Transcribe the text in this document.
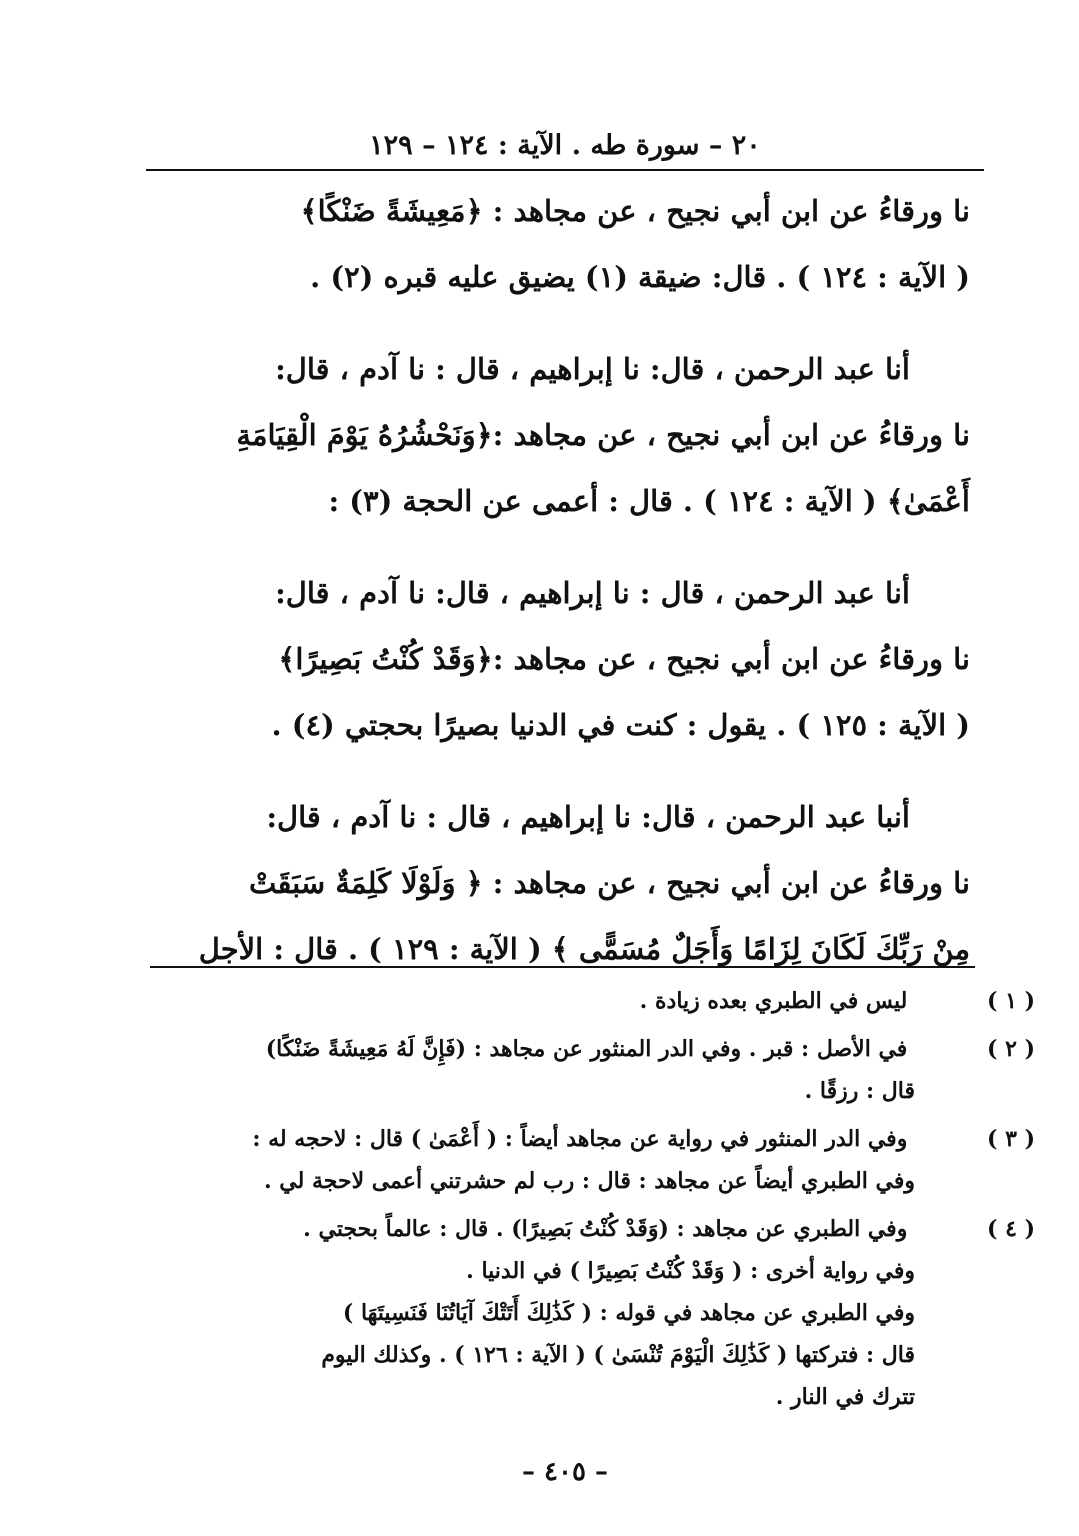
٢٠ – سورة طه . الآية : ١٢٤ – ١٢٩

نا ورقاءُ عن ابن أبي نجيح ، عن مجاهد : ﴿مَعِيشَةً ضَنْكًا﴾

( الآية : ١٢٤ ) . قال: ضيقة (١) يضيق عليه قبره (٢) .

أنا عبد الرحمن ، قال: نا إبراهيم ، قال : نا آدم ، قال:

نا ورقاءُ عن ابن أبي نجيح ، عن مجاهد :﴿وَنَحْشُرُهُ يَوْمَ الْقِيَامَةِ

أَعْمَىٰ﴾ ( الآية : ١٢٤ ) . قال : أعمى عن الحجة (٣) :

أنا عبد الرحمن ، قال : نا إبراهيم ، قال: نا آدم ، قال:

نا ورقاءُ عن ابن أبي نجيح ، عن مجاهد :﴿وَقَدْ كُنْتُ بَصِيرًا﴾

( الآية : ١٢٥ ) . يقول : كنت في الدنيا بصيرًا بحجتي (٤) .

أنبا عبد الرحمن ، قال: نا إبراهيم ، قال : نا آدم ، قال:

نا ورقاءُ عن ابن أبي نجيح ، عن مجاهد : ﴿ وَلَوْلَا كَلِمَةٌ سَبَقَتْ

مِنْ رَبِّكَ لَكَانَ لِزَامًا وَأَجَلٌ مُسَمًّى ﴾ ( الآية : ١٢٩ ) . قال : الأجل

( ١ ) ليس في الطبري بعده زيادة .
( ٢ ) في الأصل : قبر . وفي الدر المنثور عن مجاهد : (فَإِنَّ لَهُ مَعِيشَةً ضَنْكًا)
قال : رزقًا .
( ٣ ) وفي الدر المنثور في رواية عن مجاهد أيضاً : ( أَعْمَىٰ ) قال : لاحجه له :
وفي الطبري أيضاً عن مجاهد : قال : رب لم حشرتني أعمى لاحجة لي .
( ٤ ) وفي الطبري عن مجاهد : (وَقَدْ كُنْتُ بَصِيرًا) . قال : عالماً بحجتي .
وفي رواية أخرى : ( وَقَدْ كُنْتُ بَصِيرًا ) في الدنيا .
وفي الطبري عن مجاهد في قوله : ( كَذَٰلِكَ أَتَتْكَ آيَاتُنَا فَنَسِيتَهَا )
قال : فتركتها ( كَذَٰلِكَ الْيَوْمَ تُنْسَىٰ ) ( الآية : ١٢٦ ) . وكذلك اليوم
تترك في النار .
– ٤٠٥ –
